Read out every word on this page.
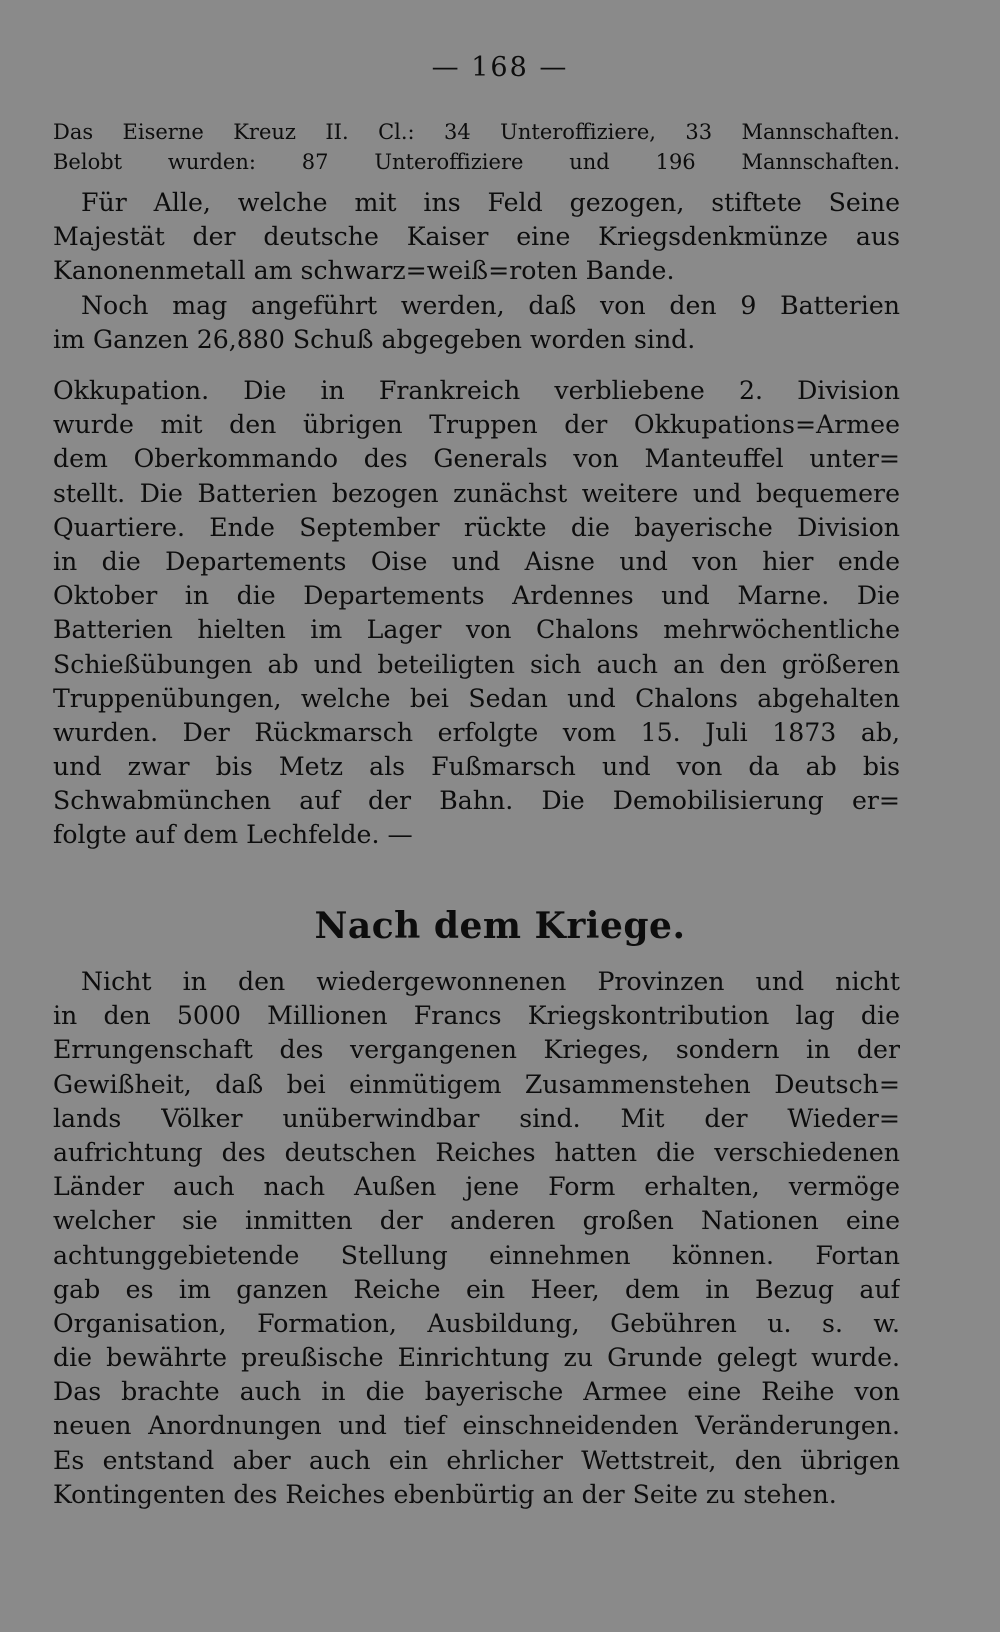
— 168 —
Das Eiserne Kreuz II. Cl.: 34 Unteroffiziere, 33 Mannschaften.
Belobt wurden: 87 Unteroffiziere und 196 Mannschaften.
Für Alle, welche mit ins Feld gezogen, stiftete Seine
Majestät der deutsche Kaiser eine Kriegsdenkmünze aus
Kanonenmetall am schwarz=weiß=roten Bande.
Noch mag angeführt werden, daß von den 9 Batterien
im Ganzen 26,880 Schuß abgegeben worden sind.
Okkupation. Die in Frankreich verbliebene 2. Division
wurde mit den übrigen Truppen der Okkupations=Armee
dem Oberkommando des Generals von Manteuffel unter=
stellt. Die Batterien bezogen zunächst weitere und bequemere
Quartiere. Ende September rückte die bayerische Division
in die Departements Oise und Aisne und von hier ende
Oktober in die Departements Ardennes und Marne. Die
Batterien hielten im Lager von Chalons mehrwöchentliche
Schießübungen ab und beteiligten sich auch an den größeren
Truppenübungen, welche bei Sedan und Chalons abgehalten
wurden. Der Rückmarsch erfolgte vom 15. Juli 1873 ab,
und zwar bis Metz als Fußmarsch und von da ab bis
Schwabmünchen auf der Bahn. Die Demobilisierung er=
folgte auf dem Lechfelde. —
Nach dem Kriege.
Nicht in den wiedergewonnenen Provinzen und nicht
in den 5000 Millionen Francs Kriegskontribution lag die
Errungenschaft des vergangenen Krieges, sondern in der
Gewißheit, daß bei einmütigem Zusammenstehen Deutsch=
lands Völker unüberwindbar sind. Mit der Wieder=
aufrichtung des deutschen Reiches hatten die verschiedenen
Länder auch nach Außen jene Form erhalten, vermöge
welcher sie inmitten der anderen großen Nationen eine
achtunggebietende Stellung einnehmen können. Fortan
gab es im ganzen Reiche ein Heer, dem in Bezug auf
Organisation, Formation, Ausbildung, Gebühren u. s. w.
die bewährte preußische Einrichtung zu Grunde gelegt wurde.
Das brachte auch in die bayerische Armee eine Reihe von
neuen Anordnungen und tief einschneidenden Veränderungen.
Es entstand aber auch ein ehrlicher Wettstreit, den übrigen
Kontingenten des Reiches ebenbürtig an der Seite zu stehen.
